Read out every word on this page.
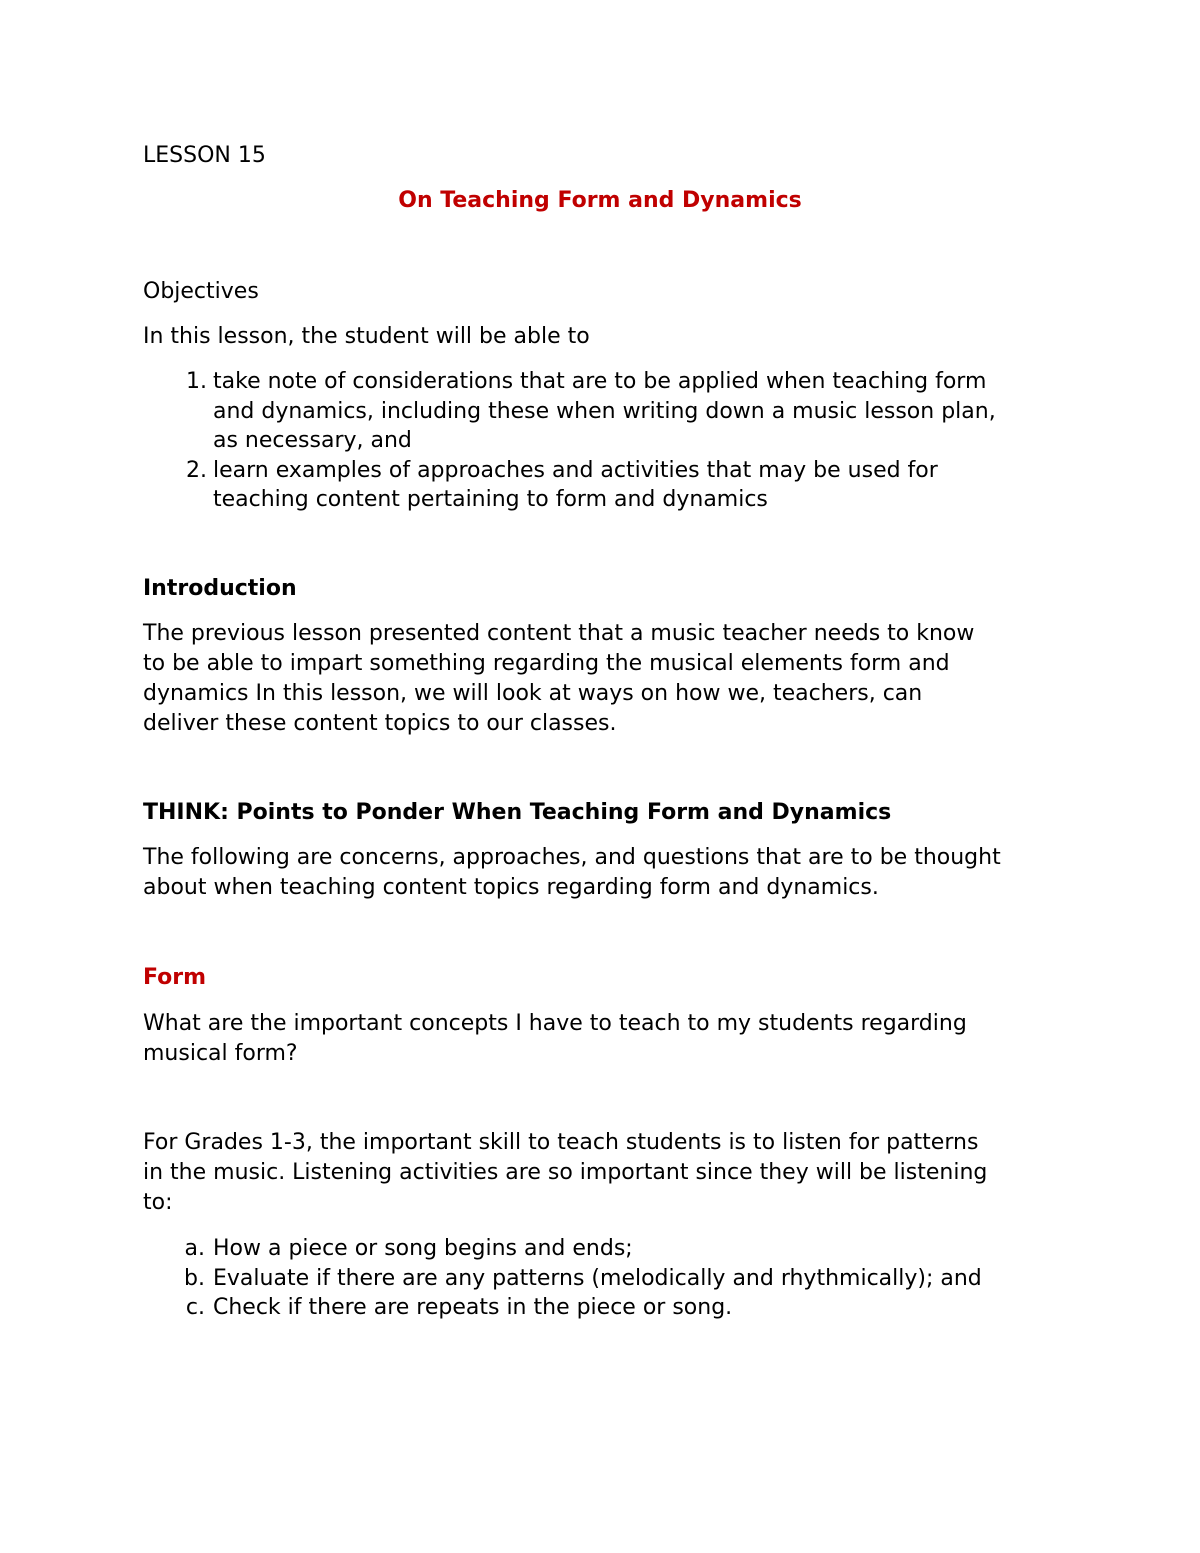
LESSON 15

On Teaching Form and Dynamics

Objectives

In this lesson, the student will be able to

1. take note of considerations that are to be applied when teaching form
and dynamics, including these when writing down a music lesson plan,
as necessary, and
2. learn examples of approaches and activities that may be used for
teaching content pertaining to form and dynamics

Introduction

The previous lesson presented content that a music teacher needs to know
to be able to impart something regarding the musical elements form and
dynamics In this lesson, we will look at ways on how we, teachers, can
deliver these content topics to our classes.

THINK: Points to Ponder When Teaching Form and Dynamics

The following are concerns, approaches, and questions that are to be thought
about when teaching content topics regarding form and dynamics.

Form

What are the important concepts I have to teach to my students regarding
musical form?
For Grades 1-3, the important skill to teach students is to listen for patterns
in the music. Listening activities are so important since they will be listening
to:
a. How a piece or song begins and ends;
b. Evaluate if there are any patterns (melodically and rhythmically); and
c. Check if there are repeats in the piece or song.
